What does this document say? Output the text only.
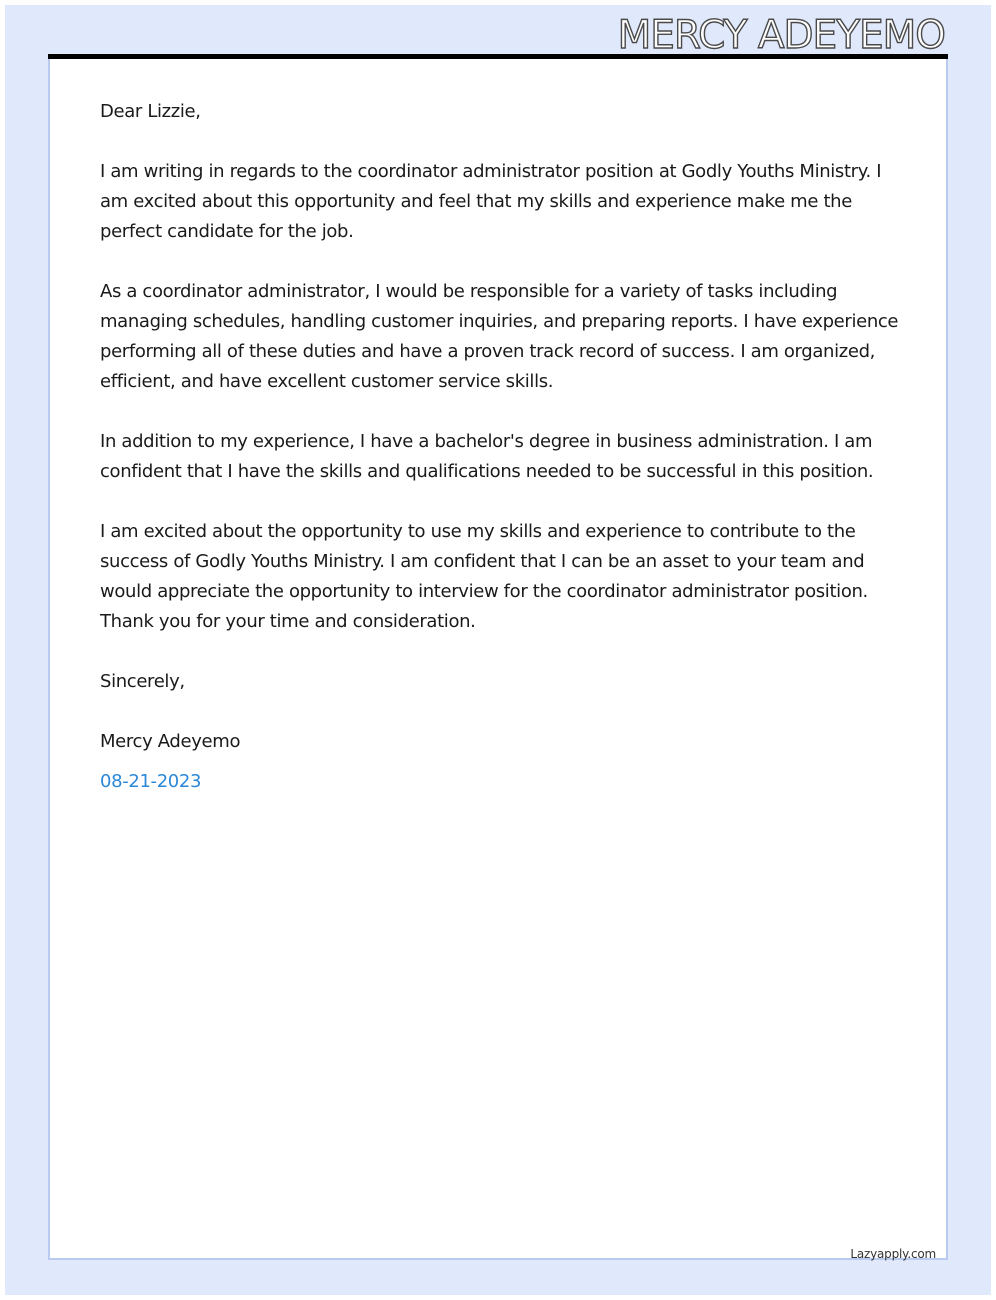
MERCY ADEYEMO

Dear Lizzie,

I am writing in regards to the coordinator administrator position at Godly Youths Ministry. I am excited about this opportunity and feel that my skills and experience make me the perfect candidate for the job.

As a coordinator administrator, I would be responsible for a variety of tasks including managing schedules, handling customer inquiries, and preparing reports. I have experience performing all of these duties and have a proven track record of success. I am organized, efficient, and have excellent customer service skills.

In addition to my experience, I have a bachelor's degree in business administration. I am confident that I have the skills and qualifications needed to be successful in this position.

I am excited about the opportunity to use my skills and experience to contribute to the success of Godly Youths Ministry. I am confident that I can be an asset to your team and would appreciate the opportunity to interview for the coordinator administrator position. Thank you for your time and consideration.

Sincerely,

Mercy Adeyemo

08-21-2023
Lazyapply.com
